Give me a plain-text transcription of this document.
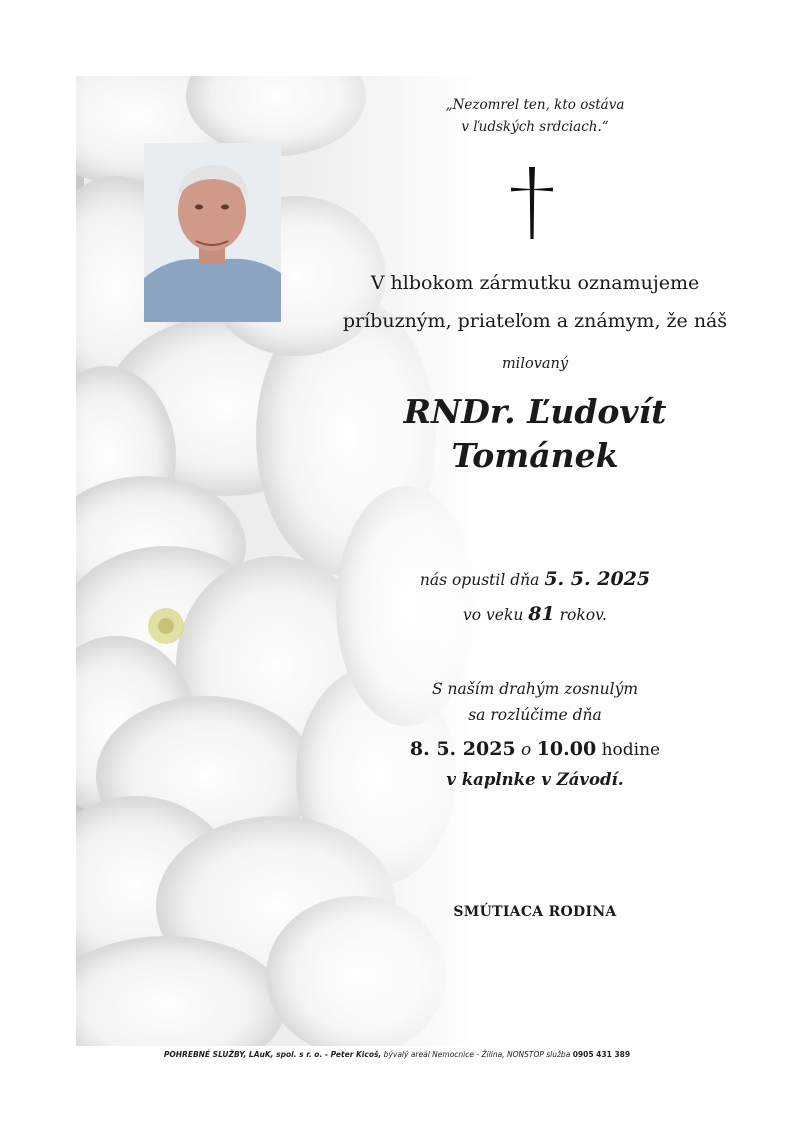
„Nezomrel ten, kto ostáva
v ľudských srdciach.“
V hlbokom zármutku oznamujeme
príbuzným, priateľom a známym, že náš
milovaný
RNDr. Ľudovít
Tománek
nás opustil dňa 5. 5. 2025
vo veku 81 rokov.
S naším drahým zosnulým
sa rozlúčime dňa
8. 5. 2025 o 10.00 hodine
v kaplnke v Závodí.
SMÚTIACA RODINA
POHREBNÉ SLUŽBY, LAuK, spol. s r. o. - Peter Kicoš, bývalý areál Nemocnice - Žilina, NONSTOP služba 0905 431 389
